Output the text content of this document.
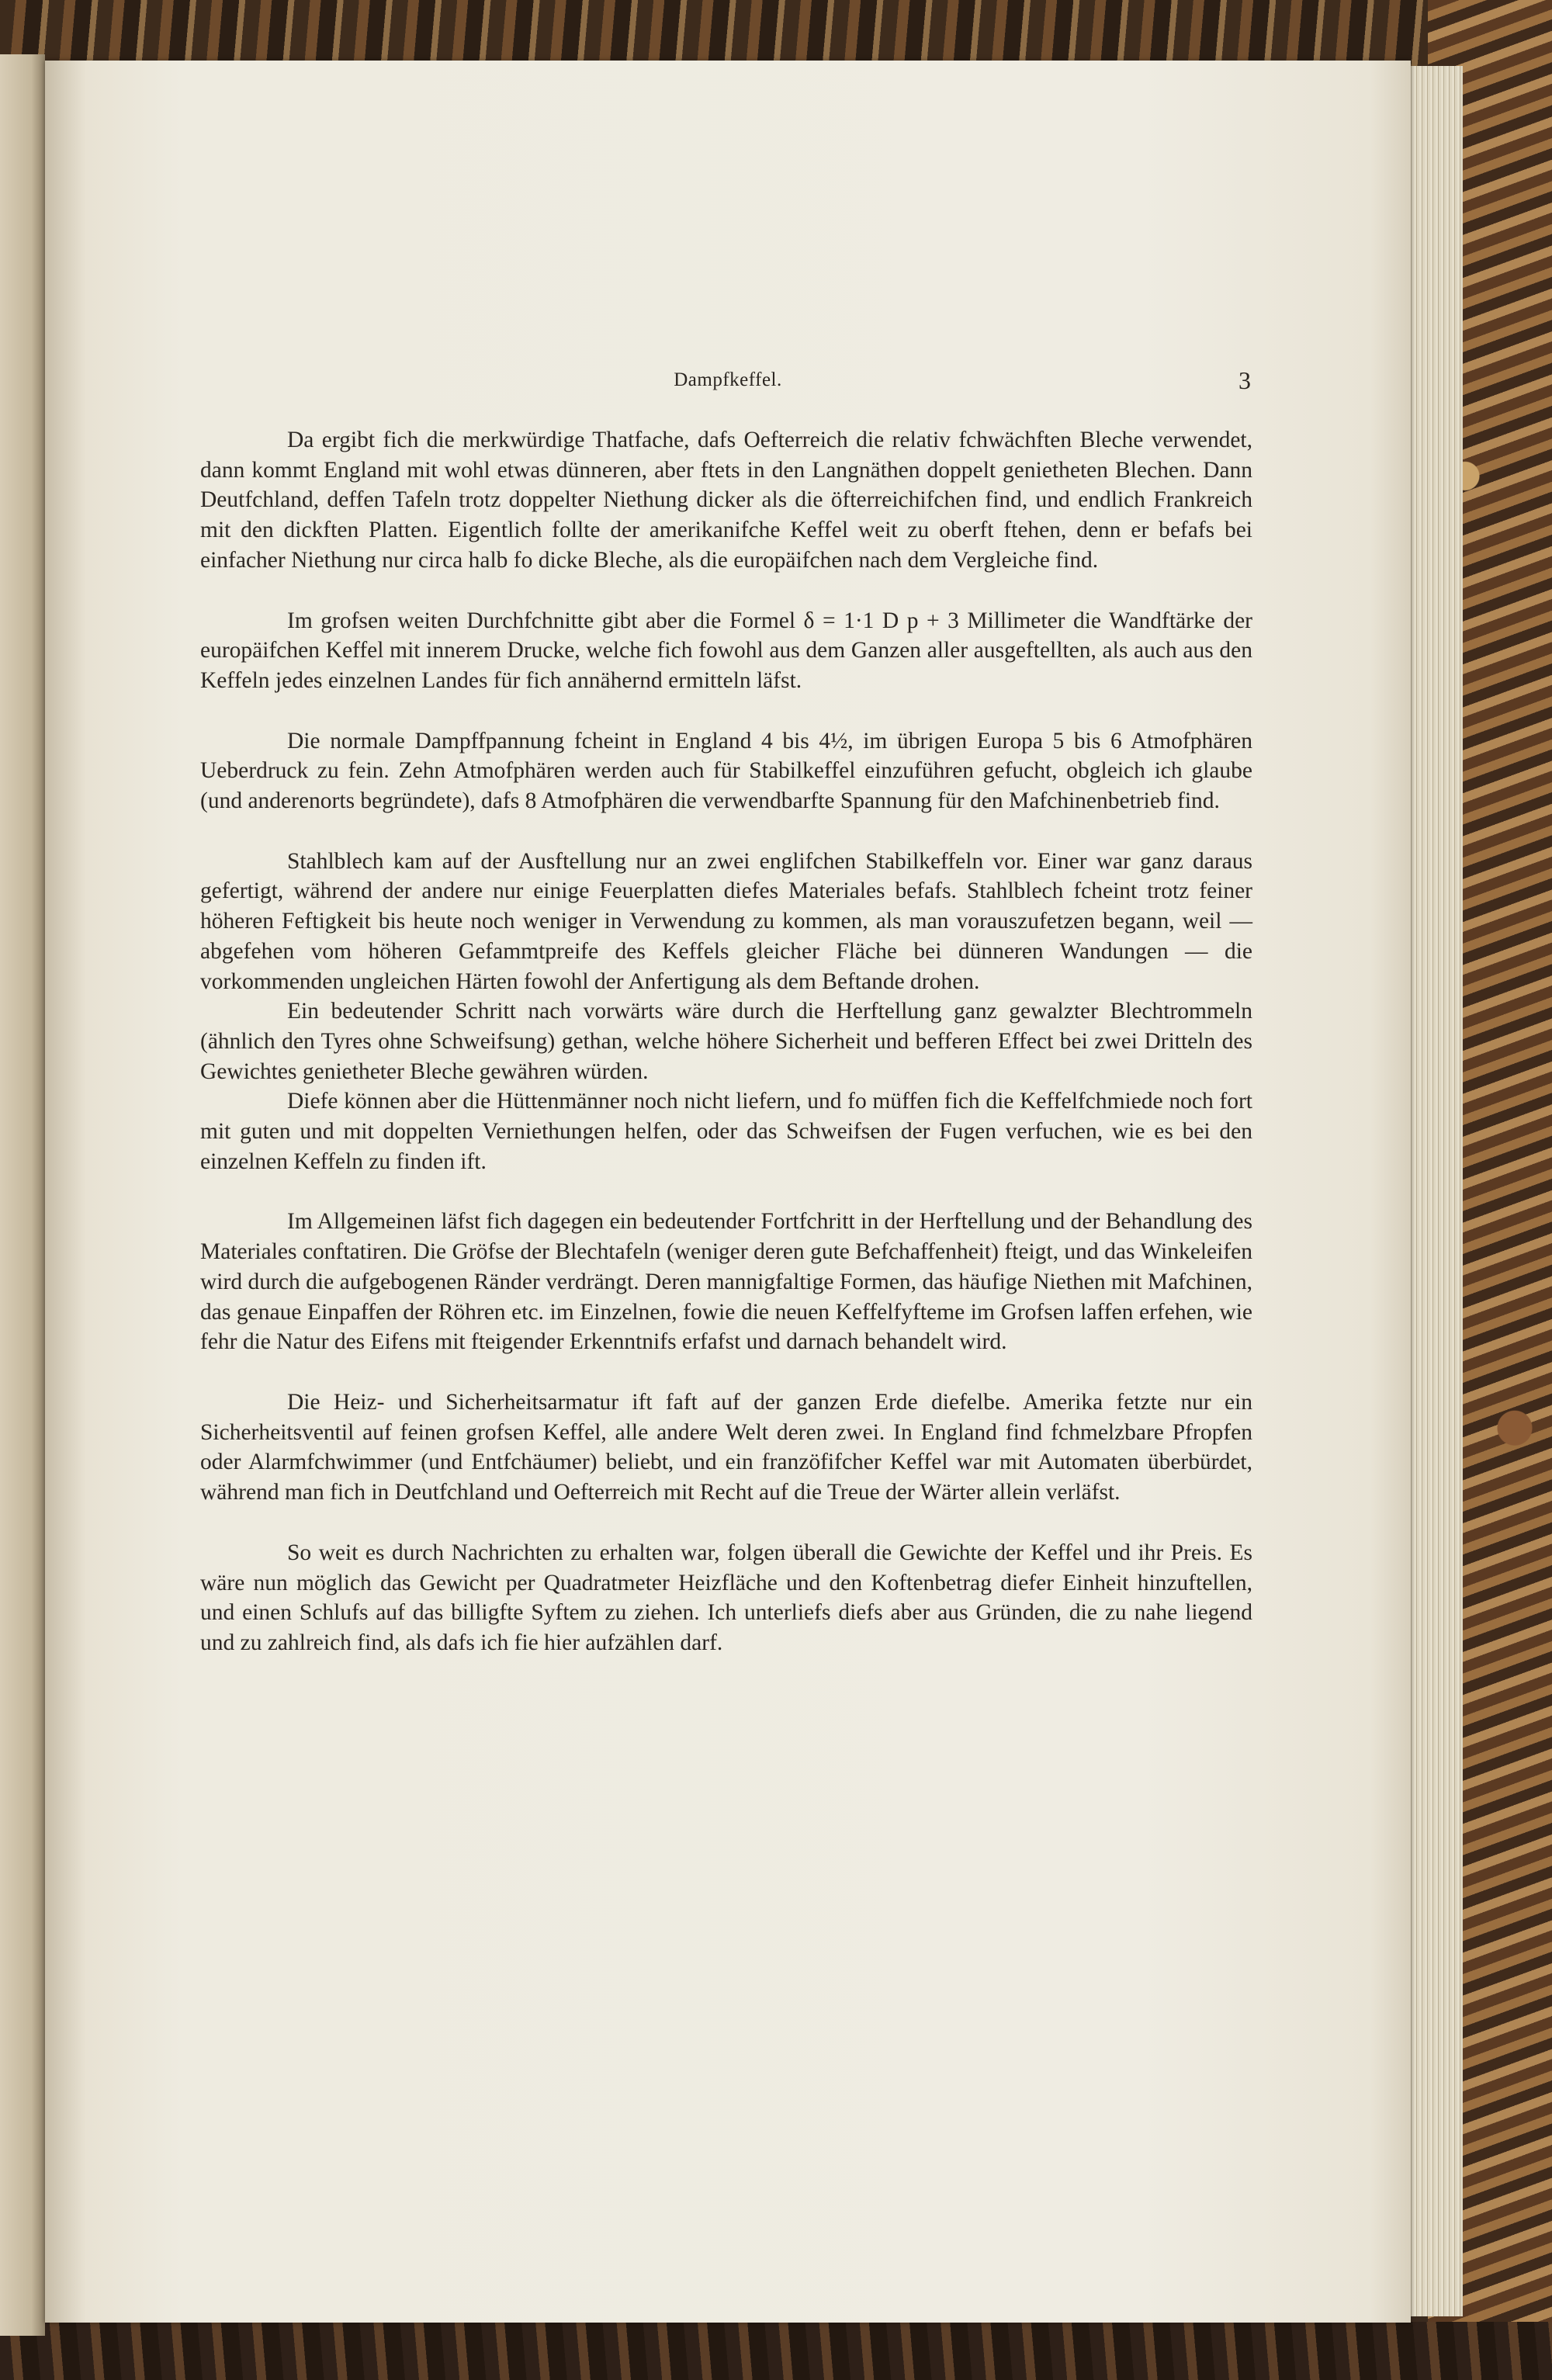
Dampfkeffel.	3

Da ergibt fich die merkwürdige Thatfache, dafs Oefterreich die relativ fchwächften Bleche verwendet, dann kommt England mit wohl etwas dünneren, aber ftets in den Langnäthen doppelt genietheten Blechen. Dann Deutfchland, deffen Tafeln trotz doppelter Niethung dicker als die öfterreichifchen find, und endlich Frankreich mit den dickften Platten. Eigentlich follte der amerikanifche Keffel weit zu oberft ftehen, denn er befafs bei einfacher Niethung nur circa halb fo dicke Bleche, als die europäifchen nach dem Vergleiche find.

Im grofsen weiten Durchfchnitte gibt aber die Formel δ = 1·1 D p + 3 Millimeter die Wandftärke der europäifchen Keffel mit innerem Drucke, welche fich fowohl aus dem Ganzen aller ausgeftellten, als auch aus den Keffeln jedes einzelnen Landes für fich annähernd ermitteln läfst.

Die normale Dampffpannung fcheint in England 4 bis 4½, im übrigen Europa 5 bis 6 Atmofphären Ueberdruck zu fein. Zehn Atmofphären werden auch für Stabilkeffel einzuführen gefucht, obgleich ich glaube (und anderenorts begründete), dafs 8 Atmofphären die verwendbarfte Spannung für den Mafchinenbetrieb find.

Stahlblech kam auf der Ausftellung nur an zwei englifchen Stabilkeffeln vor. Einer war ganz daraus gefertigt, während der andere nur einige Feuerplatten diefes Materiales befafs. Stahlblech fcheint trotz feiner höheren Feftigkeit bis heute noch weniger in Verwendung zu kommen, als man vorauszufetzen begann, weil — abgefehen vom höheren Gefammtpreife des Keffels gleicher Fläche bei dünneren Wandungen — die vorkommenden ungleichen Härten fowohl der Anfertigung als dem Beftande drohen.

Ein bedeutender Schritt nach vorwärts wäre durch die Herftellung ganz gewalzter Blechtrommeln (ähnlich den Tyres ohne Schweifsung) gethan, welche höhere Sicherheit und befferen Effect bei zwei Dritteln des Gewichtes genietheter Bleche gewähren würden.

Diefe können aber die Hüttenmänner noch nicht liefern, und fo müffen fich die Keffelfchmiede noch fort mit guten und mit doppelten Verniethungen helfen, oder das Schweifsen der Fugen verfuchen, wie es bei den einzelnen Keffeln zu finden ift.

Im Allgemeinen läfst fich dagegen ein bedeutender Fortfchritt in der Herftellung und der Behandlung des Materiales conftatiren. Die Gröfse der Blechtafeln (weniger deren gute Befchaffenheit) fteigt, und das Winkeleifen wird durch die aufgebogenen Ränder verdrängt. Deren mannigfaltige Formen, das häufige Niethen mit Mafchinen, das genaue Einpaffen der Röhren etc. im Einzelnen, fowie die neuen Keffelfyfteme im Grofsen laffen erfehen, wie fehr die Natur des Eifens mit fteigender Erkenntnifs erfafst und darnach behandelt wird.

Die Heiz- und Sicherheitsarmatur ift faft auf der ganzen Erde diefelbe. Amerika fetzte nur ein Sicherheitsventil auf feinen grofsen Keffel, alle andere Welt deren zwei. In England find fchmelzbare Pfropfen oder Alarmfchwimmer (und Entfchäumer) beliebt, und ein franzöfifcher Keffel war mit Automaten überbürdet, während man fich in Deutfchland und Oefterreich mit Recht auf die Treue der Wärter allein verläfst.

So weit es durch Nachrichten zu erhalten war, folgen überall die Gewichte der Keffel und ihr Preis. Es wäre nun möglich das Gewicht per Quadratmeter Heizfläche und den Koftenbetrag diefer Einheit hinzuftellen, und einen Schlufs auf das billigfte Syftem zu ziehen. Ich unterliefs diefs aber aus Gründen, die zu nahe liegend und zu zahlreich find, als dafs ich fie hier aufzählen darf.
